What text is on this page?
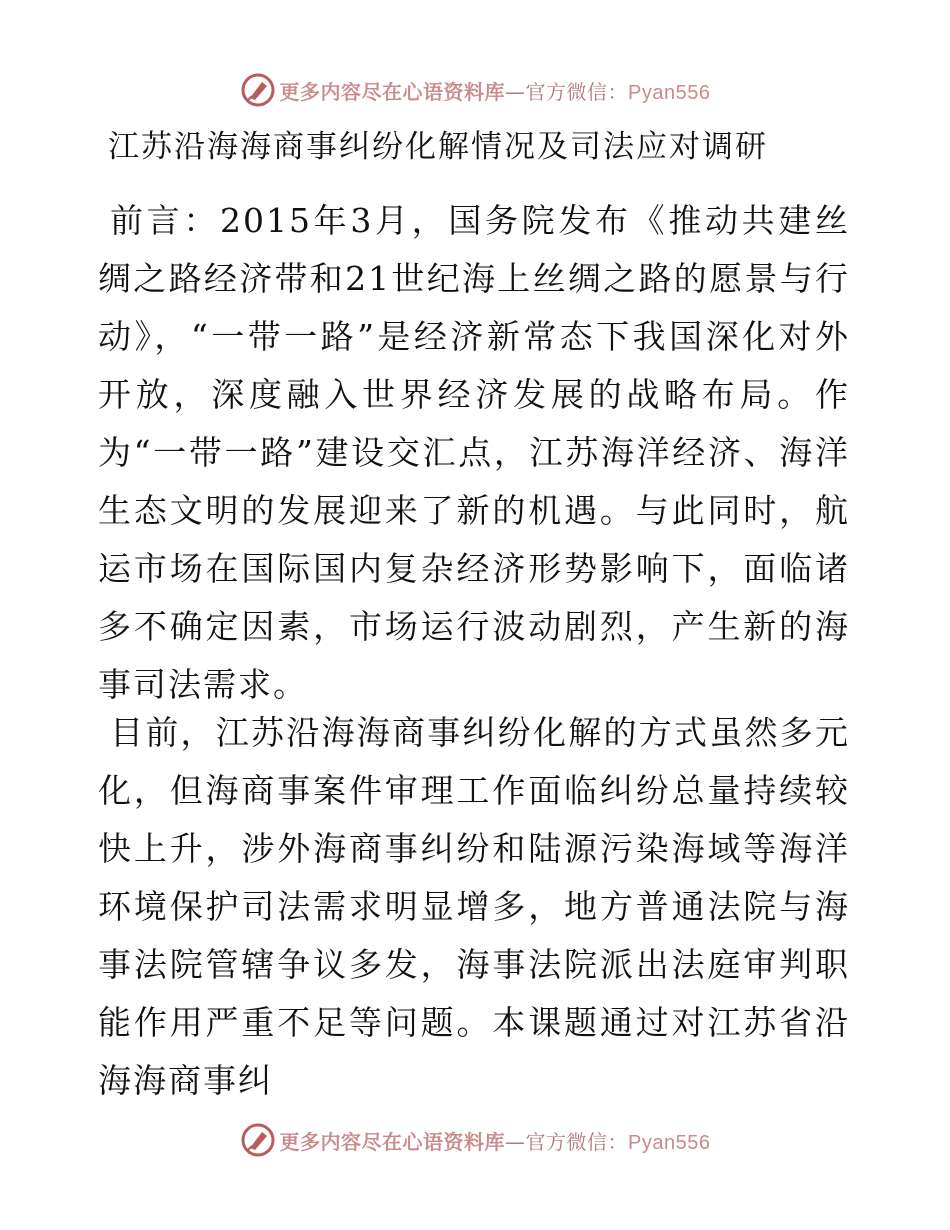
更多内容尽在心语资料库—官方微信：Pyan556
江苏沿海海商事纠纷化解情况及司法应对调研

前言：2015年3月，国务院发布《推动共建丝绸之路经济带和21世纪海上丝绸之路的愿景与行动》，“一带一路”是经济新常态下我国深化对外开放，深度融入世界经济发展的战略布局。作为“一带一路”建设交汇点，江苏海洋经济、海洋生态文明的发展迎来了新的机遇。与此同时，航运市场在国际国内复杂经济形势影响下，面临诸多不确定因素，市场运行波动剧烈，产生新的海事司法需求。

目前，江苏沿海海商事纠纷化解的方式虽然多元化，但海商事案件审理工作面临纠纷总量持续较快上升，涉外海商事纠纷和陆源污染海域等海洋环境保护司法需求明显增多，地方普通法院与海事法院管辖争议多发，海事法院派出法庭审判职能作用严重不足等问题。本课题通过对江苏省沿海海商事纠

更多内容尽在心语资料库—官方微信：Pyan556
